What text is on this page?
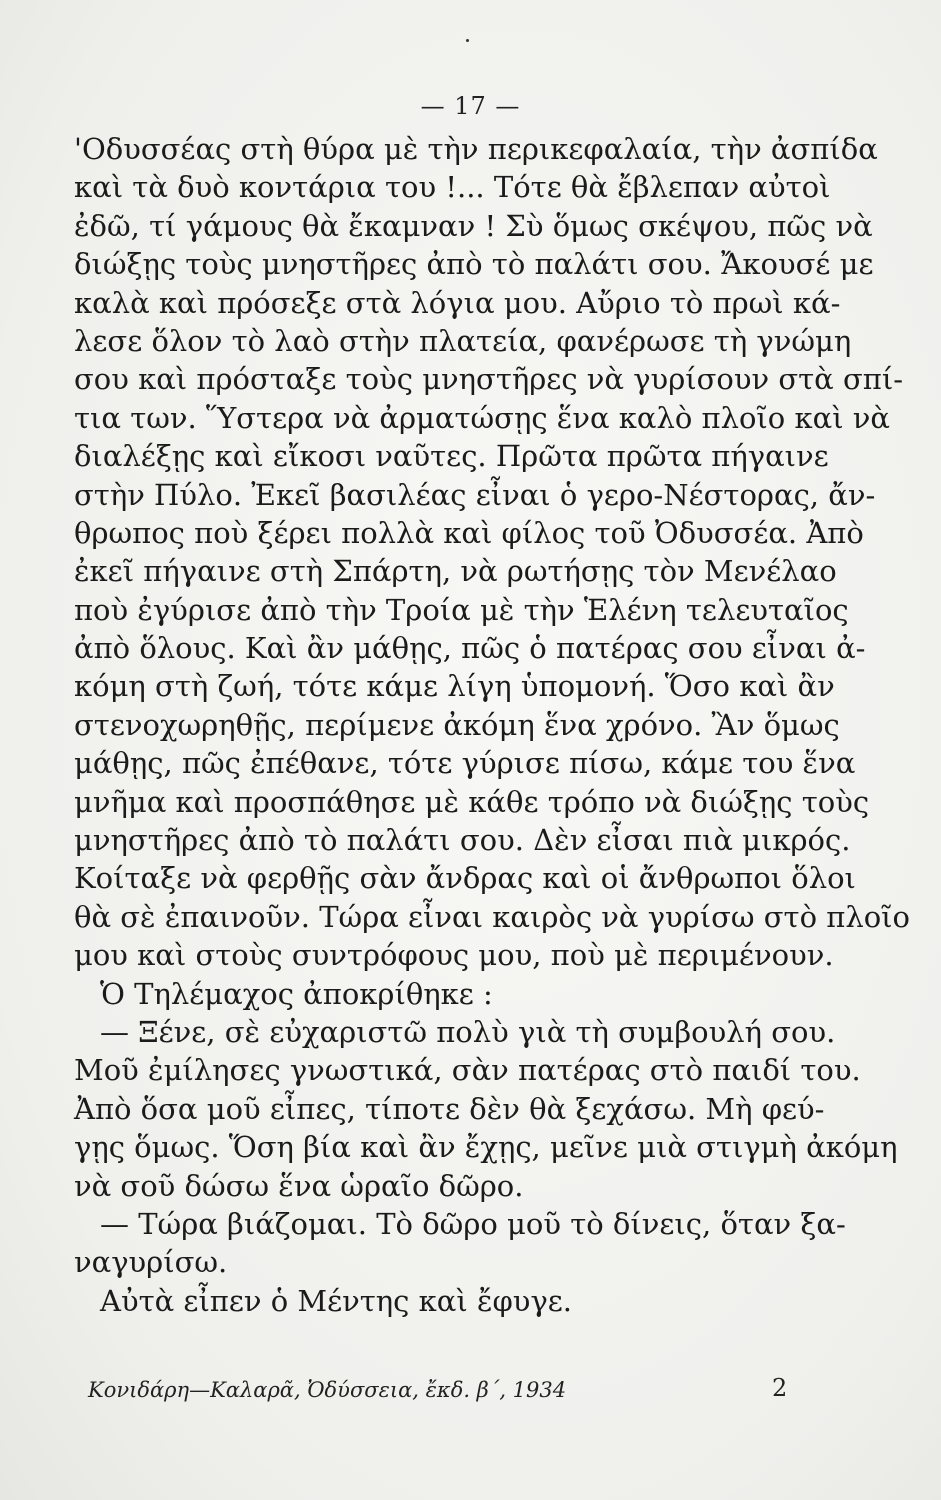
— 17 —
'Οδυσσέας στὴ θύρα μὲ τὴν περικεφαλαία, τὴν ἀσπίδα
καὶ τὰ δυὸ κοντάρια του !... Τότε θὰ ἔβλεπαν αὐτοὶ
ἐδῶ, τί γάμους θὰ ἔκαμναν ! Σὺ ὅμως σκέψου, πῶς νὰ
διώξῃς τοὺς μνηστῆρες ἀπὸ τὸ παλάτι σου. Ἄκουσέ με
καλὰ καὶ πρόσεξε στὰ λόγια μου. Αὔριο τὸ πρωὶ κά-
λεσε ὅλον τὸ λαὸ στὴν πλατεία, φανέρωσε τὴ γνώμη
σου καὶ πρόσταξε τοὺς μνηστῆρες νὰ γυρίσουν στὰ σπί-
τια των. Ὕστερα νὰ ἀρματώσῃς ἕνα καλὸ πλοῖο καὶ νὰ
διαλέξῃς καὶ εἴκοσι ναῦτες. Πρῶτα πρῶτα πήγαινε
στὴν Πύλο. Ἐκεῖ βασιλέας εἶναι ὁ γερο-Νέστορας, ἄν-
θρωπος ποὺ ξέρει πολλὰ καὶ φίλος τοῦ Ὀδυσσέα. Ἀπὸ
ἐκεῖ πήγαινε στὴ Σπάρτη, νὰ ρωτήσῃς τὸν Μενέλαο
ποὺ ἐγύρισε ἀπὸ τὴν Τροία μὲ τὴν Ἑλένη τελευταῖος
ἀπὸ ὅλους. Καὶ ἂν μάθῃς, πῶς ὁ πατέρας σου εἶναι ἀ-
κόμη στὴ ζωή, τότε κάμε λίγη ὑπομονή. Ὅσο καὶ ἂν
στενοχωρηθῇς, περίμενε ἀκόμη ἕνα χρόνο. Ἂν ὅμως
μάθῃς, πῶς ἐπέθανε, τότε γύρισε πίσω, κάμε του ἕνα
μνῆμα καὶ προσπάθησε μὲ κάθε τρόπο νὰ διώξῃς τοὺς
μνηστῆρες ἀπὸ τὸ παλάτι σου. Δὲν εἶσαι πιὰ μικρός.
Κοίταξε νὰ φερθῇς σὰν ἄνδρας καὶ οἱ ἄνθρωποι ὅλοι
θὰ σὲ ἐπαινοῦν. Τώρα εἶναι καιρὸς νὰ γυρίσω στὸ πλοῖο
μου καὶ στοὺς συντρόφους μου, ποὺ μὲ περιμένουν.
Ὁ Τηλέμαχος ἀποκρίθηκε :
— Ξένε, σὲ εὐχαριστῶ πολὺ γιὰ τὴ συμβουλή σου.
Μοῦ ἐμίλησες γνωστικά, σὰν πατέρας στὸ παιδί του.
Ἀπὸ ὅσα μοῦ εἶπες, τίποτε δὲν θὰ ξεχάσω. Μὴ φεύ-
γῃς ὅμως. Ὅση βία καὶ ἂν ἔχῃς, μεῖνε μιὰ στιγμὴ ἀκόμη
νὰ σοῦ δώσω ἕνα ὡραῖο δῶρο.
— Τώρα βιάζομαι. Τὸ δῶρο μοῦ τὸ δίνεις, ὅταν ξα-
ναγυρίσω.
Αὐτὰ εἶπεν ὁ Μέντης καὶ ἔφυγε.
Κονιδάρη—Καλαρᾶ, Ὀδύσσεια, ἔκδ. β΄, 1934	2
